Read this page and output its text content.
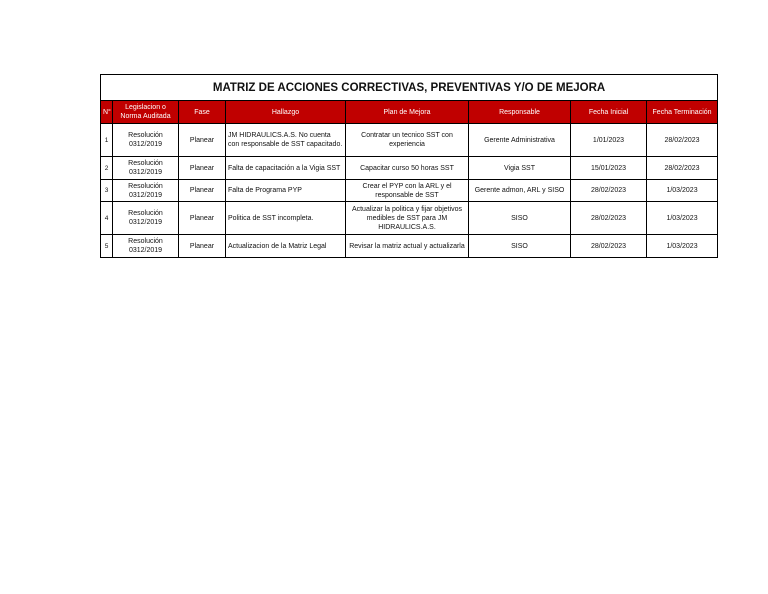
MATRIZ DE ACCIONES CORRECTIVAS, PREVENTIVAS Y/O DE MEJORA							
N°	Legislacion o Norma Auditada	Fase	Hallazgo	Plan de Mejora	Responsable	Fecha Inicial	Fecha Terminación
1	Resolución 0312/2019	Planear	JM HIDRAULICS.A.S. No cuenta con responsable de SST capacitado.	Contratar un tecnico SST con experiencia	Gerente Administrativa	1/01/2023	28/02/2023
2	Resolución 0312/2019	Planear	Falta de capacitación a la Vigia SST	Capacitar curso 50 horas SST	Vigia SST	15/01/2023	28/02/2023
3	Resolución 0312/2019	Planear	Falta de Programa PYP	Crear el PYP con la ARL y el responsable de SST	Gerente admon, ARL y SISO	28/02/2023	1/03/2023
4	Resolución 0312/2019	Planear	Politica de SST incompleta.	Actualizar la politica y fijar objetivos medibles de SST para JM HIDRAULICS.A.S.	SISO	28/02/2023	1/03/2023
5	Resolución 0312/2019	Planear	Actualizacion de la Matriz Legal	Revisar la matriz actual y actualizarla	SISO	28/02/2023	1/03/2023
